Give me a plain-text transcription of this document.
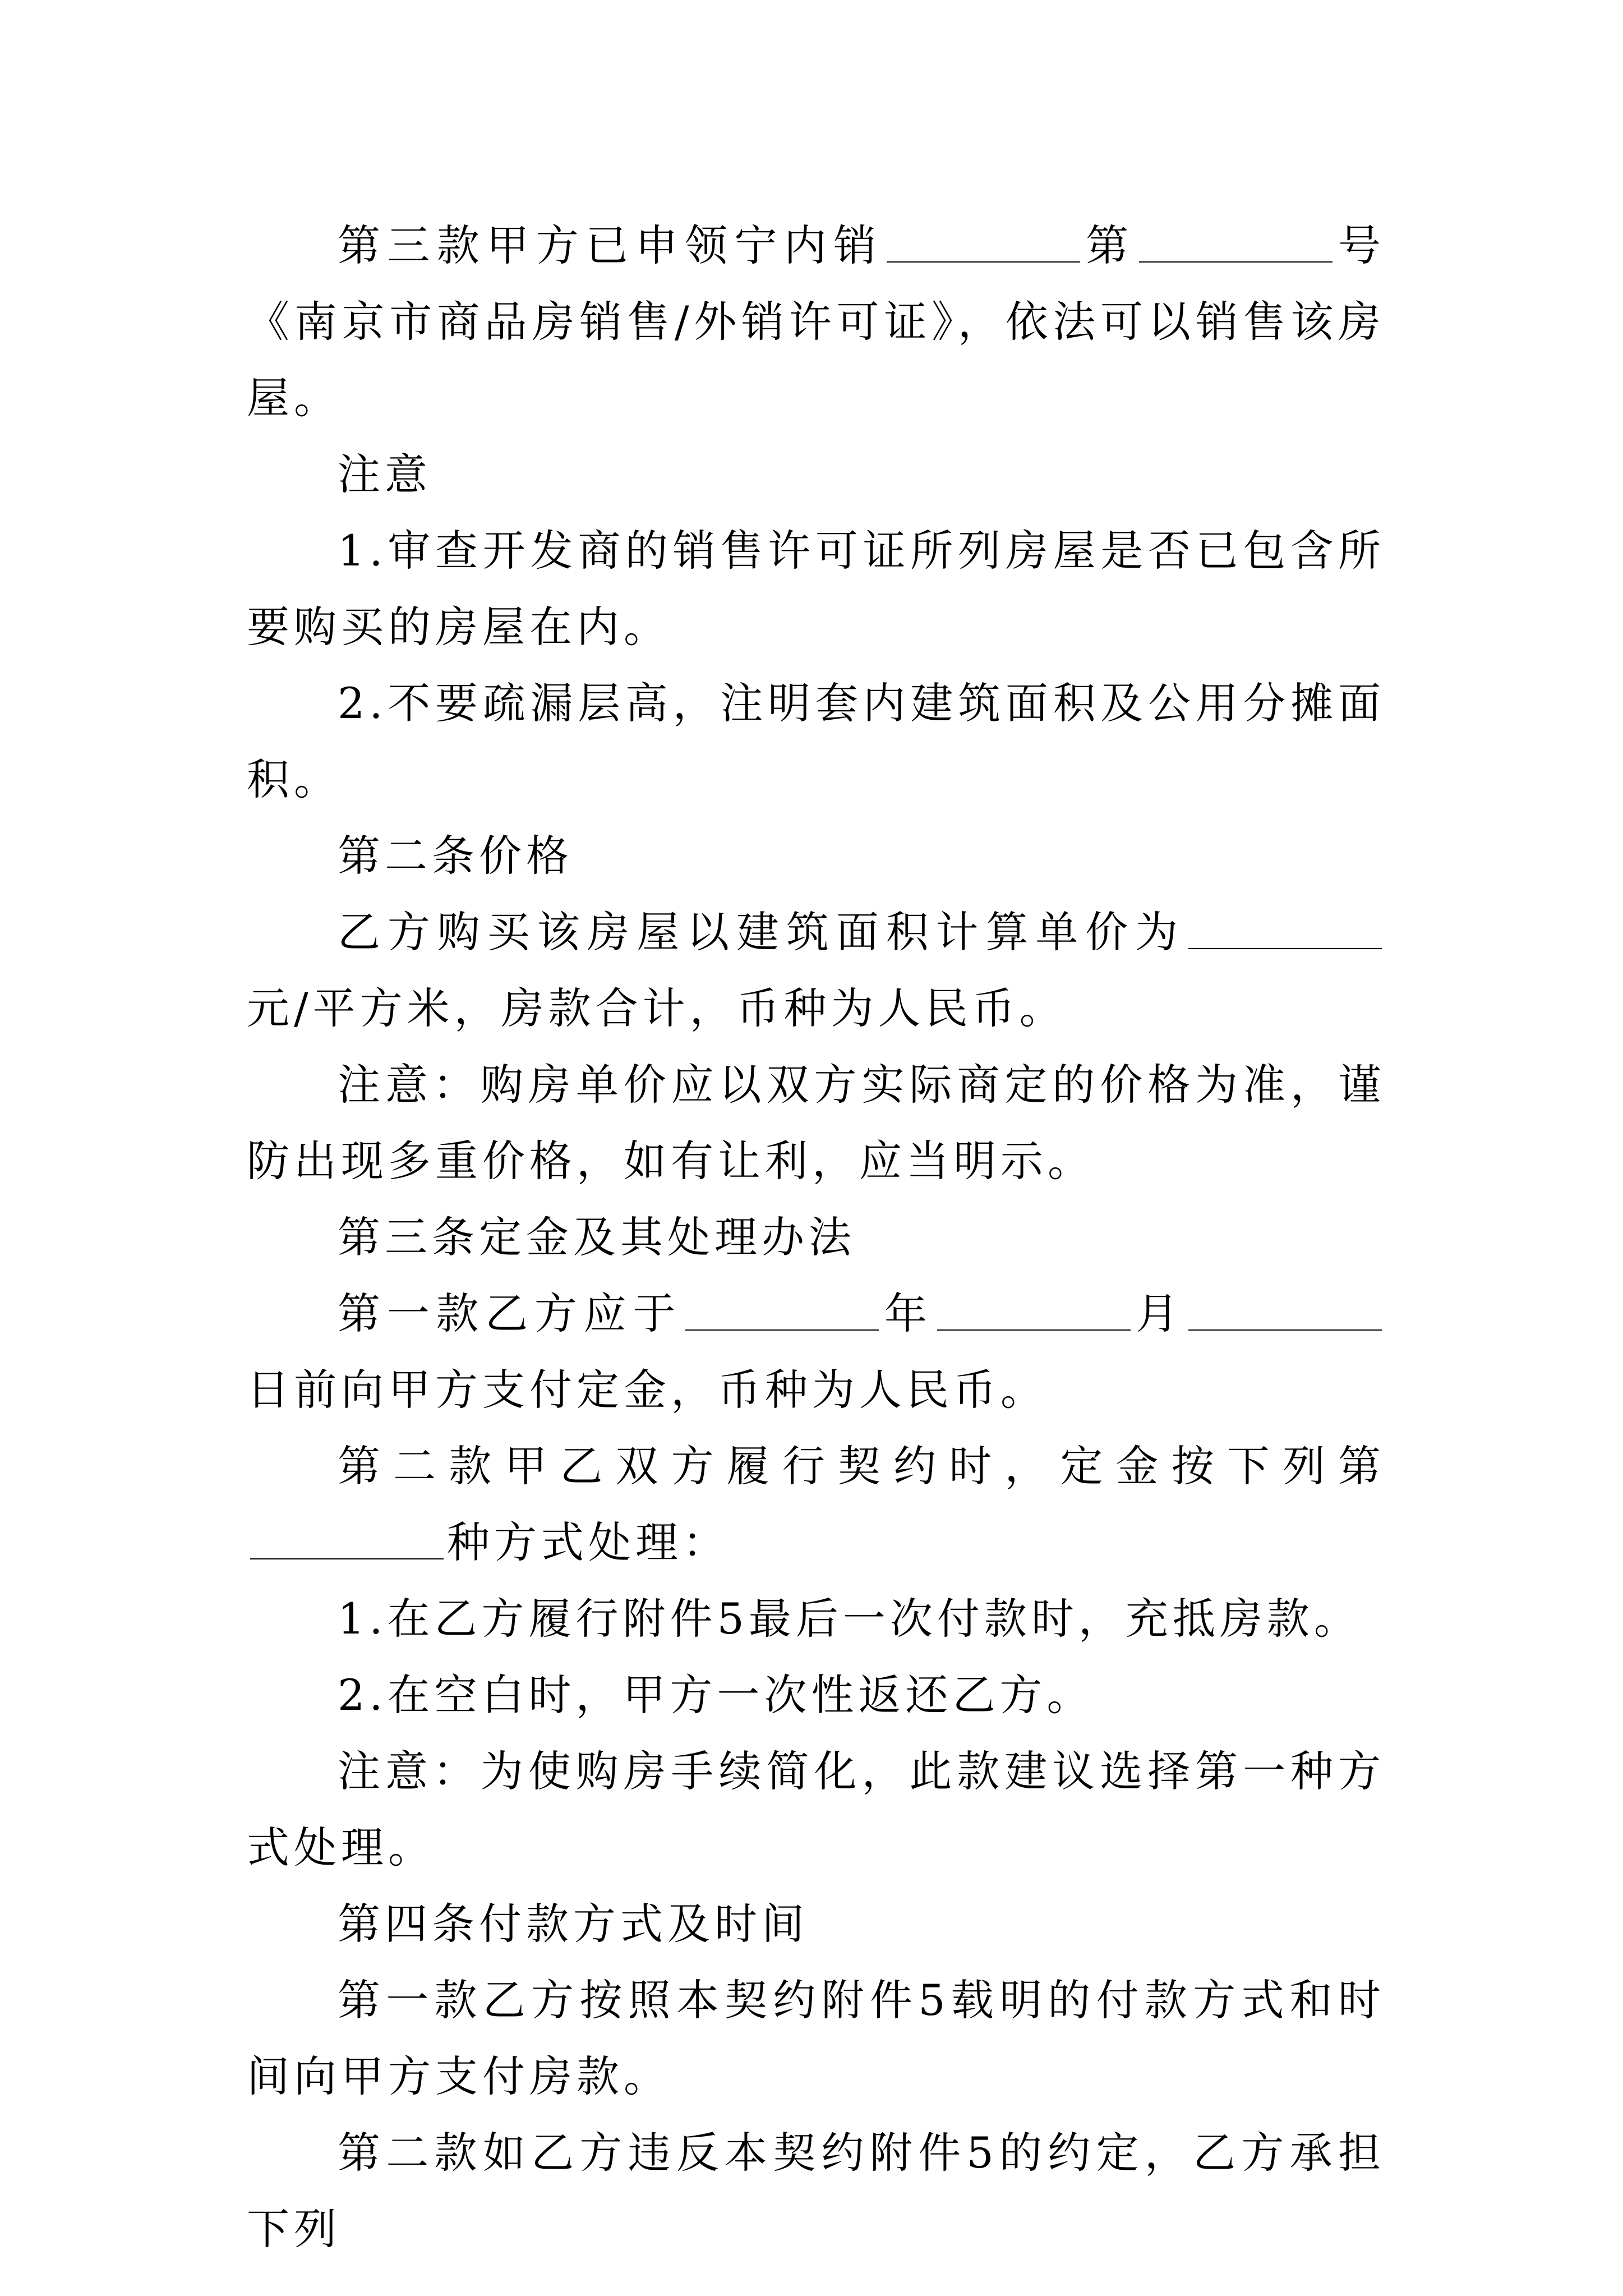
第三款甲方已申领宁内销	第	号《南京市商品房销售/外销许可证》，依法可以销售该房屋。

注意

1.审查开发商的销售许可证所列房屋是否已包含所要购买的房屋在内。

2.不要疏漏层高，注明套内建筑面积及公用分摊面积。

第二条价格

乙方购买该房屋以建筑面积计算单价为元/平方米，房款合计，币种为人民币。

注意：购房单价应以双方实际商定的价格为准，谨防出现多重价格，如有让利，应当明示。

第三条定金及其处理办法

第一款乙方应于	年	月日前向甲方支付定金，币种为人民币。

第二款甲乙双方履行契约时，定金按下列第种方式处理：

1.在乙方履行附件5最后一次付款时，充抵房款。

2.在空白时，甲方一次性返还乙方。

注意：为使购房手续简化，此款建议选择第一种方式处理。

第四条付款方式及时间

第一款乙方按照本契约附件5载明的付款方式和时间向甲方支付房款。

第二款如乙方违反本契约附件5的约定，乙方承担下列
